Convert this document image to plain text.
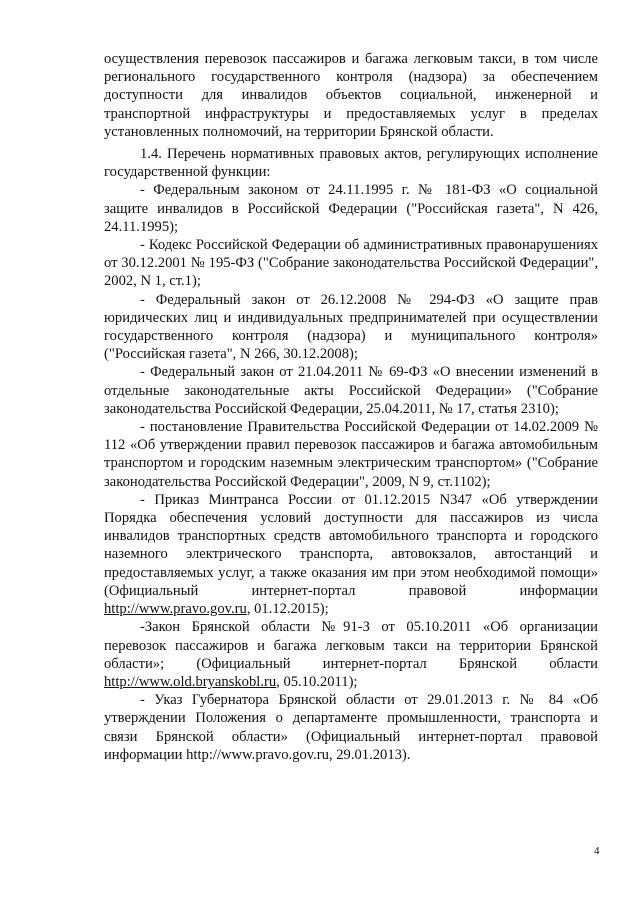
осуществления перевозок пассажиров и багажа легковым такси, в том числе регионального государственного контроля (надзора) за обеспечением доступности для инвалидов объектов социальной, инженерной и транспортной инфраструктуры и предоставляемых услуг в пределах установленных полномочий, на территории Брянской области.

1.4. Перечень нормативных правовых актов, регулирующих исполнение государственной функции:

- Федеральным законом от 24.11.1995 г. № 181-ФЗ «О социальной защите инвалидов в Российской Федерации ("Российская газета", N 426, 24.11.1995);

- Кодекс Российской Федерации об административных правонарушениях от 30.12.2001 № 195-ФЗ ("Собрание законодательства Российской Федерации", 2002, N 1, ст.1);

- Федеральный закон от 26.12.2008 № 294-ФЗ «О защите прав юридических лиц и индивидуальных предпринимателей при осуществлении государственного контроля (надзора) и муниципального контроля» ("Российская газета", N 266, 30.12.2008);

- Федеральный закон от 21.04.2011 № 69-ФЗ «О внесении изменений в отдельные законодательные акты Российской Федерации» ("Собрание законодательства Российской Федерации, 25.04.2011, № 17, статья 2310);

- постановление Правительства Российской Федерации от 14.02.2009 № 112 «Об утверждении правил перевозок пассажиров и багажа автомобильным транспортом и городским наземным электрическим транспортом» ("Собрание законодательства Российской Федерации", 2009, N 9, ст.1102);

- Приказ Минтранса России от 01.12.2015 N347 «Об утверждении Порядка обеспечения условий доступности для пассажиров из числа инвалидов транспортных средств автомобильного транспорта и городского наземного электрического транспорта, автовокзалов, автостанций и предоставляемых услуг, а также оказания им при этом необходимой помощи» (Официальный интернет-портал правовой информации http://www.pravo.gov.ru, 01.12.2015);

-Закон Брянской области №91-З от 05.10.2011 «Об организации перевозок пассажиров и багажа легковым такси на территории Брянской области»; (Официальный интернет-портал Брянской области http://www.old.bryanskobl.ru, 05.10.2011);

- Указ Губернатора Брянской области от 29.01.2013 г. № 84 «Об утверждении Положения о департаменте промышленности, транспорта и связи Брянской области» (Официальный интернет-портал правовой информации http://www.pravo.gov.ru, 29.01.2013).

4
